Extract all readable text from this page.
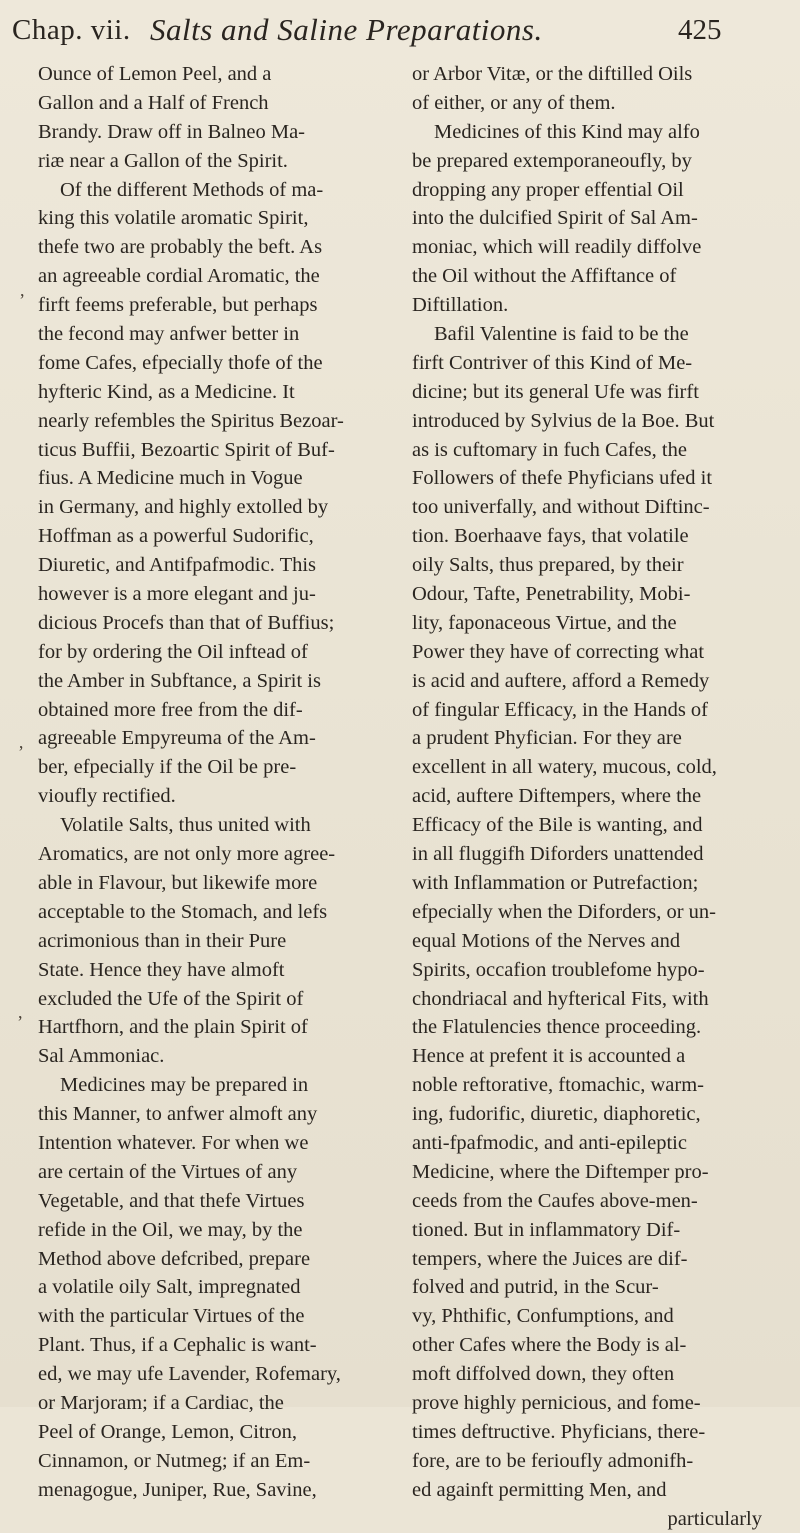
Chap. vii. Salts and Saline Preparations.	425
Ounce of Lemon Peel, and a
Gallon and a Half of French
Brandy. Draw off in Balneo Ma-
riæ near a Gallon of the Spirit.
Of the different Methods of ma-
king this volatile aromatic Spirit,
thefe two are probably the beft. As
an agreeable cordial Aromatic, the
firft feems preferable, but perhaps
the fecond may anfwer better in
fome Cafes, efpecially thofe of the
hyfteric Kind, as a Medicine. It
nearly refembles the Spiritus Bezoar-
ticus Buffii, Bezoartic Spirit of Buf-
fius. A Medicine much in Vogue
in Germany, and highly extolled by
Hoffman as a powerful Sudorific,
Diuretic, and Antifpafmodic. This
however is a more elegant and ju-
dicious Procefs than that of Buffius;
for by ordering the Oil inftead of
the Amber in Subftance, a Spirit is
obtained more free from the dif-
agreeable Empyreuma of the Am-
ber, efpecially if the Oil be pre-
vioufly rectified.
Volatile Salts, thus united with
Aromatics, are not only more agree-
able in Flavour, but likewife more
acceptable to the Stomach, and lefs
acrimonious than in their Pure
State. Hence they have almoft
excluded the Ufe of the Spirit of
Hartfhorn, and the plain Spirit of
Sal Ammoniac.
Medicines may be prepared in
this Manner, to anfwer almoft any
Intention whatever. For when we
are certain of the Virtues of any
Vegetable, and that thefe Virtues
refide in the Oil, we may, by the
Method above defcribed, prepare
a volatile oily Salt, impregnated
with the particular Virtues of the
Plant. Thus, if a Cephalic is want-
ed, we may ufe Lavender, Rofemary,
or Marjoram; if a Cardiac, the
Peel of Orange, Lemon, Citron,
Cinnamon, or Nutmeg; if an Em-
menagogue, Juniper, Rue, Savine,
or Arbor Vitæ, or the diftilled Oils
of either, or any of them.
Medicines of this Kind may alfo
be prepared extemporaneoufly, by
dropping any proper effential Oil
into the dulcified Spirit of Sal Am-
moniac, which will readily diffolve
the Oil without the Affiftance of
Diftillation.
Bafil Valentine is faid to be the
firft Contriver of this Kind of Me-
dicine; but its general Ufe was firft
introduced by Sylvius de la Boe. But
as is cuftomary in fuch Cafes, the
Followers of thefe Phyficians ufed it
too univerfally, and without Diftinc-
tion. Boerhaave fays, that volatile
oily Salts, thus prepared, by their
Odour, Tafte, Penetrability, Mobi-
lity, faponaceous Virtue, and the
Power they have of correcting what
is acid and auftere, afford a Remedy
of fingular Efficacy, in the Hands of
a prudent Phyfician. For they are
excellent in all watery, mucous, cold,
acid, auftere Diftempers, where the
Efficacy of the Bile is wanting, and
in all fluggifh Diforders unattended
with Inflammation or Putrefaction;
efpecially when the Diforders, or un-
equal Motions of the Nerves and
Spirits, occafion troublefome hypo-
chondriacal and hyfterical Fits, with
the Flatulencies thence proceeding.
Hence at prefent it is accounted a
noble reftorative, ftomachic, warm-
ing, fudorific, diuretic, diaphoretic,
anti-fpafmodic, and anti-epileptic
Medicine, where the Diftemper pro-
ceeds from the Caufes above-men-
tioned. But in inflammatory Dif-
tempers, where the Juices are dif-
folved and putrid, in the Scur-
vy, Phthific, Confumptions, and
other Cafes where the Body is al-
moft diffolved down, they often
prove highly pernicious, and fome-
times deftructive. Phyficians, there-
fore, are to be ferioufly admonifh-
ed againft permitting Men, and
particularly
,
’
,
